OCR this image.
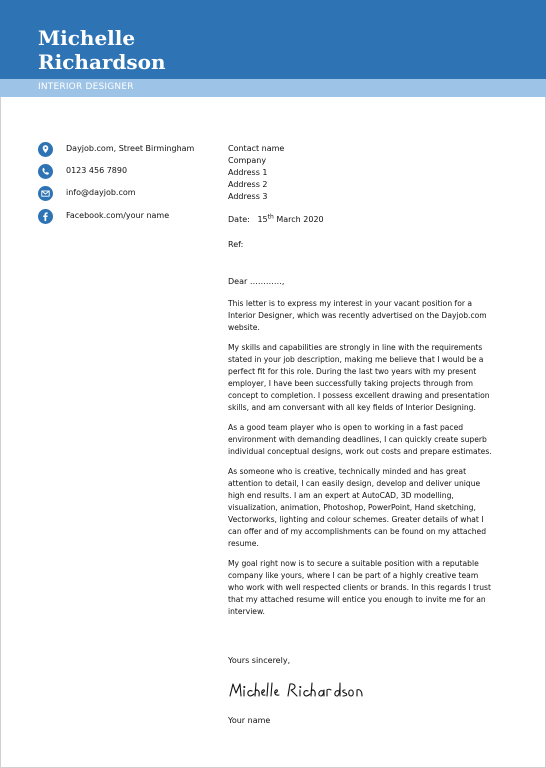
Michelle
Richardson
INTERIOR DESIGNER
Dayjob.com, Street Birmingham
0123 456 7890
info@dayjob.com
Facebook.com/your name
Contact name
Company
Address 1
Address 2
Address 3
Date: 15th March 2020
Ref:
Dear …………,

This letter is to express my interest in your vacant position for a Interior Designer, which was recently advertised on the Dayjob.com website.

My skills and capabilities are strongly in line with the requirements stated in your job description, making me believe that I would be a perfect fit for this role. During the last two years with my present employer, I have been successfully taking projects through from concept to completion. I possess excellent drawing and presentation skills, and am conversant with all key fields of Interior Designing.

As a good team player who is open to working in a fast paced environment with demanding deadlines, I can quickly create superb individual conceptual designs, work out costs and prepare estimates.

As someone who is creative, technically minded and has great attention to detail, I can easily design, develop and deliver unique high end results. I am an expert at AutoCAD, 3D modelling, visualization, animation, Photoshop, PowerPoint, Hand sketching, Vectorworks, lighting and colour schemes. Greater details of what I can offer and of my accomplishments can be found on my attached resume.

My goal right now is to secure a suitable position with a reputable company like yours, where I can be part of a highly creative team who work with well respected clients or brands. In this regards I trust that my attached resume will entice you enough to invite me for an interview.

Yours sincerely,
Your name
